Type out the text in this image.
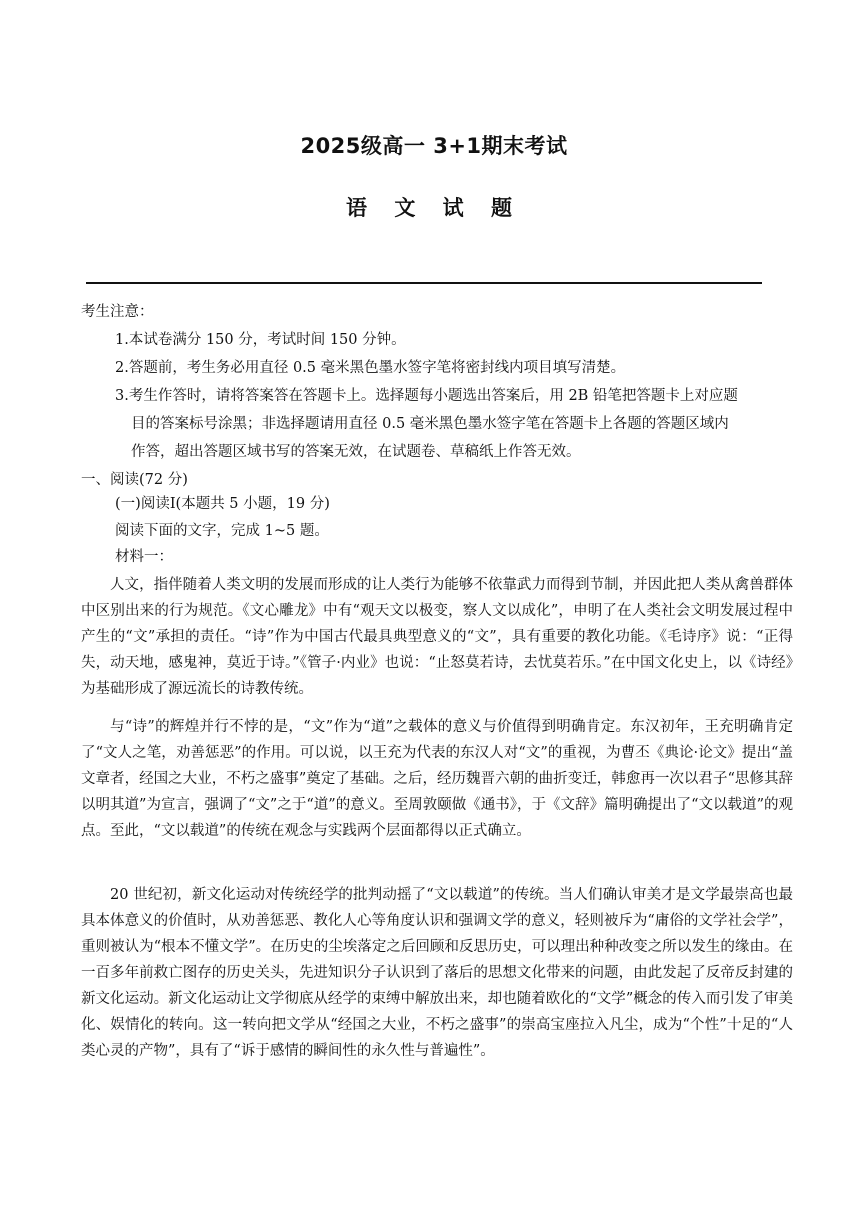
2025级高一 3+1期末考试
语 文 试 题
考生注意：
1.本试卷满分 150 分，考试时间 150 分钟。
2.答题前，考生务必用直径 0.5 毫米黑色墨水签字笔将密封线内项目填写清楚。
3.考生作答时，请将答案答在答题卡上。选择题每小题选出答案后，用 2B 铅笔把答题卡上对应题
目的答案标号涂黑；非选择题请用直径 0.5 毫米黑色墨水签字笔在答题卡上各题的答题区域内
作答，超出答题区域书写的答案无效，在试题卷、草稿纸上作答无效。
一、阅读(72 分)
(一)阅读Ⅰ(本题共 5 小题，19 分)
阅读下面的文字，完成 1~5 题。
材料一：

人文，指伴随着人类文明的发展而形成的让人类行为能够不依靠武力而得到节制，并因此把人类从禽兽群体中区别出来的行为规范。《文心雕龙》中有“观天文以极变，察人文以成化”，申明了在人类社会文明发展过程中产生的“文”承担的责任。“诗”作为中国古代最具典型意义的“文”，具有重要的教化功能。《毛诗序》说：“正得失，动天地，感鬼神，莫近于诗。”《管子·内业》也说：“止怒莫若诗，去忧莫若乐。”在中国文化史上，以《诗经》为基础形成了源远流长的诗教传统。

与“诗”的辉煌并行不悖的是，“文”作为“道”之载体的意义与价值得到明确肯定。东汉初年，王充明确肯定了“文人之笔，劝善惩恶”的作用。可以说，以王充为代表的东汉人对“文”的重视，为曹丕《典论·论文》提出“盖文章者，经国之大业，不朽之盛事”奠定了基础。之后，经历魏晋六朝的曲折变迁，韩愈再一次以君子“思修其辞以明其道”为宣言，强调了“文”之于“道”的意义。至周敦颐做《通书》，于《文辞》篇明确提出了“文以载道”的观点。至此，“文以载道”的传统在观念与实践两个层面都得以正式确立。

20 世纪初，新文化运动对传统经学的批判动摇了“文以载道”的传统。当人们确认审美才是文学最崇高也最具本体意义的价值时，从劝善惩恶、教化人心等角度认识和强调文学的意义，轻则被斥为“庸俗的文学社会学”，重则被认为“根本不懂文学”。在历史的尘埃落定之后回顾和反思历史，可以理出种种改变之所以发生的缘由。在一百多年前救亡图存的历史关头，先进知识分子认识到了落后的思想文化带来的问题，由此发起了反帝反封建的新文化运动。新文化运动让文学彻底从经学的束缚中解放出来，却也随着欧化的“文学”概念的传入而引发了审美化、娱情化的转向。这一转向把文学从“经国之大业，不朽之盛事”的崇高宝座拉入凡尘，成为“个性”十足的“人类心灵的产物”，具有了“诉于感情的瞬间性的永久性与普遍性”。
